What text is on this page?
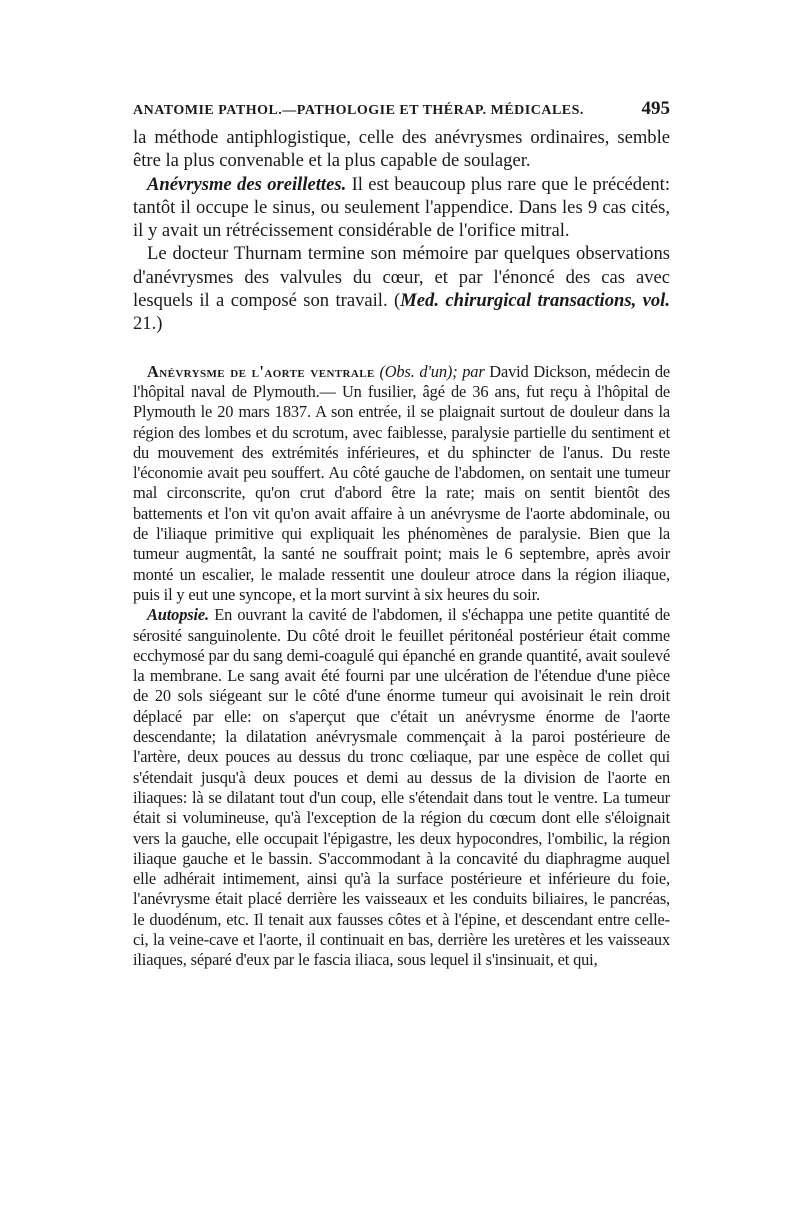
ANATOMIE PATHOL.—PATHOLOGIE ET THÉRAP. MÉDICALES.	495

la méthode antiphlogistique, celle des anévrysmes ordinaires, semble être la plus convenable et la plus capable de soulager.

Anévrysme des oreillettes. Il est beaucoup plus rare que le précédent: tantôt il occupe le sinus, ou seulement l'appendice. Dans les 9 cas cités, il y avait un rétrécissement considérable de l'orifice mitral.

Le docteur Thurnam termine son mémoire par quelques observations d'anévrysmes des valvules du cœur, et par l'énoncé des cas avec lesquels il a composé son travail. (Med. chirurgical transactions, vol. 21.)

Anévrysme de l'aorte ventrale (Obs. d'un); par David Dickson, médecin de l'hôpital naval de Plymouth.— Un fusilier, âgé de 36 ans, fut reçu à l'hôpital de Plymouth le 20 mars 1837. A son entrée, il se plaignait surtout de douleur dans la région des lombes et du scrotum, avec faiblesse, paralysie partielle du sentiment et du mouvement des extrémités inférieures, et du sphincter de l'anus. Du reste l'économie avait peu souffert. Au côté gauche de l'abdomen, on sentait une tumeur mal circonscrite, qu'on crut d'abord être la rate; mais on sentit bientôt des battements et l'on vit qu'on avait affaire à un anévrysme de l'aorte abdominale, ou de l'iliaque primitive qui expliquait les phénomènes de paralysie. Bien que la tumeur augmentât, la santé ne souffrait point; mais le 6 septembre, après avoir monté un escalier, le malade ressentit une douleur atroce dans la région iliaque, puis il y eut une syncope, et la mort survint à six heures du soir.

Autopsie. En ouvrant la cavité de l'abdomen, il s'échappa une petite quantité de sérosité sanguinolente. Du côté droit le feuillet péritonéal postérieur était comme ecchymosé par du sang demi-coagulé qui épanché en grande quantité, avait soulevé la membrane. Le sang avait été fourni par une ulcération de l'étendue d'une pièce de 20 sols siégeant sur le côté d'une énorme tumeur qui avoisinait le rein droit déplacé par elle: on s'aperçut que c'était un anévrysme énorme de l'aorte descendante; la dilatation anévrysmale commençait à la paroi postérieure de l'artère, deux pouces au dessus du tronc cœliaque, par une espèce de collet qui s'étendait jusqu'à deux pouces et demi au dessus de la division de l'aorte en iliaques: là se dilatant tout d'un coup, elle s'étendait dans tout le ventre. La tumeur était si volumineuse, qu'à l'exception de la région du cœcum dont elle s'éloignait vers la gauche, elle occupait l'épigastre, les deux hypocondres, l'ombilic, la région iliaque gauche et le bassin. S'accommodant à la concavité du diaphragme auquel elle adhérait intimement, ainsi qu'à la surface postérieure et inférieure du foie, l'anévrysme était placé derrière les vaisseaux et les conduits biliaires, le pancréas, le duodénum, etc. Il tenait aux fausses côtes et à l'épine, et descendant entre celle-ci, la veine-cave et l'aorte, il continuait en bas, derrière les uretères et les vaisseaux iliaques, séparé d'eux par le fascia iliaca, sous lequel il s'insinuait, et qui,
